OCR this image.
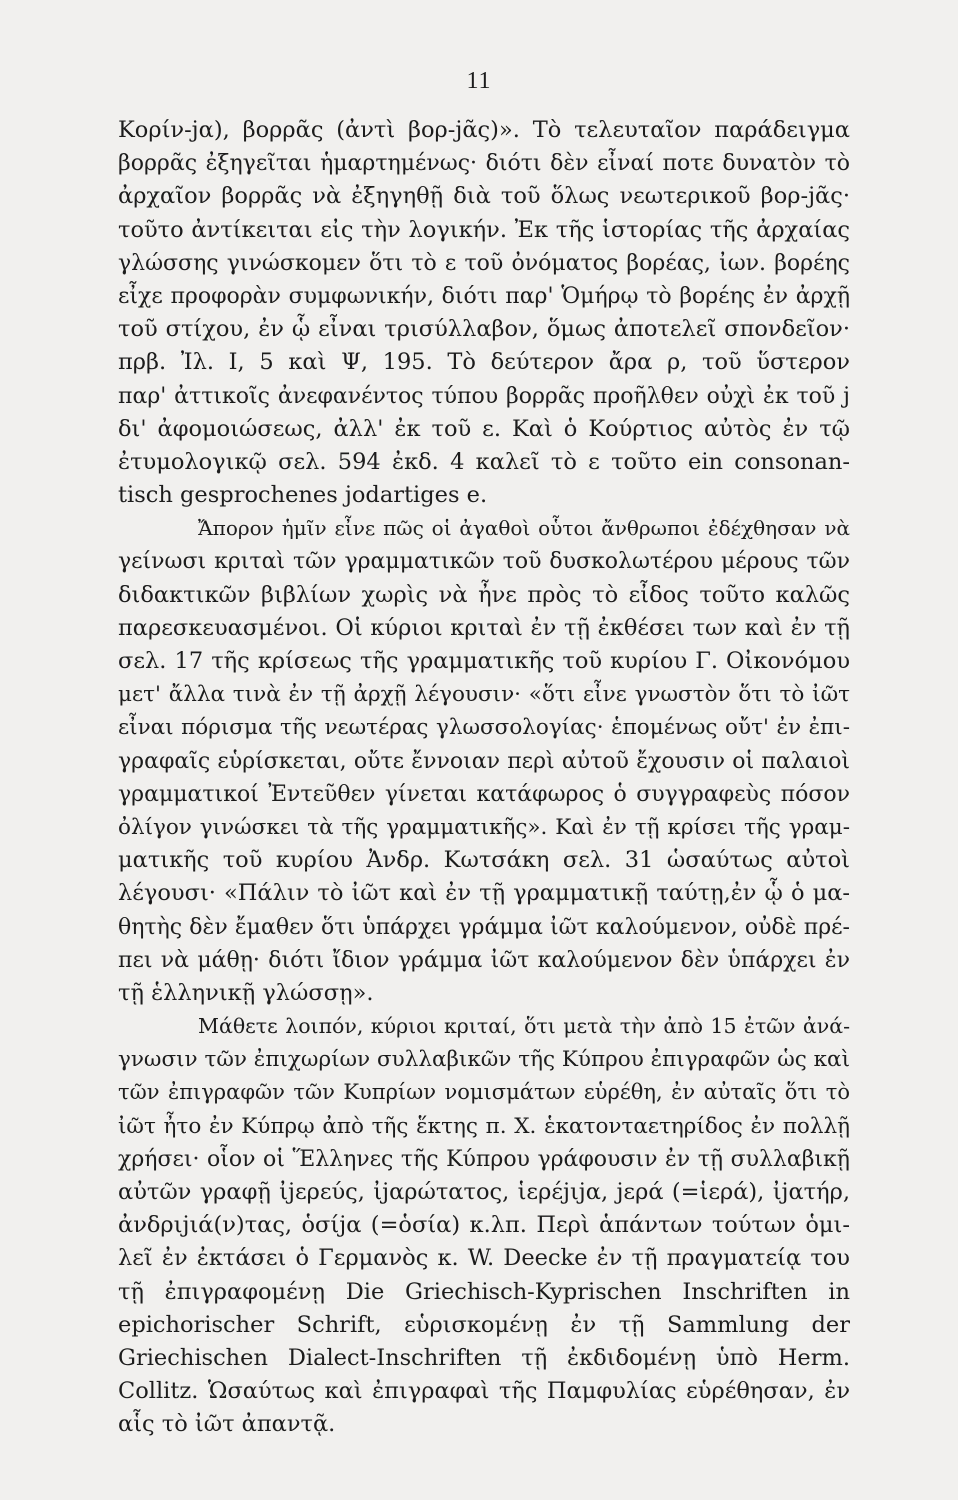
11
Κορίν-jα), βορρᾶς (ἀντὶ βορ-jᾶς)». Τὸ τελευταῖον παράδειγμα
βορρᾶς ἐξηγεῖται ἡμαρτημένως· διότι δὲν εἶναί ποτε δυνατὸν τὸ
ἀρχαῖον βορρᾶς νὰ ἐξηγηθῇ διὰ τοῦ ὅλως νεωτερικοῦ βορ-jᾶς·
τοῦτο ἀντίκειται εἰς τὴν λογικήν. Ἐκ τῆς ἱστορίας τῆς ἀρχαίας
γλώσσης γινώσκομεν ὅτι τὸ ε τοῦ ὀνόματος βορέας, ἰων. βορέης
εἶχε προφορὰν συμφωνικήν, διότι παρ' Ὁμήρῳ τὸ βορέης ἐν ἀρχῇ
τοῦ στίχου, ἐν ᾧ εἶναι τρισύλλαβον, ὅμως ἀποτελεῖ σπονδεῖον·
πρβ. Ἰλ. I, 5 καὶ Ψ, 195. Τὸ δεύτερον ἄρα ρ, τοῦ ὕστερον
παρ' ἀττικοῖς ἀνεφανέντος τύπου βορρᾶς προῆλθεν οὐχὶ ἐκ τοῦ j
δι' ἀφομοιώσεως, ἀλλ' ἐκ τοῦ ε. Καὶ ὁ Κούρτιος αὐτὸς ἐν τῷ
ἐτυμολογικῷ σελ. 594 ἐκδ. 4 καλεῖ τὸ ε τοῦτο ein consonan-
tisch gesprochenes jodartiges e.
Ἄπορον ἡμῖν εἶνε πῶς οἱ ἀγαθοὶ οὗτοι ἄνθρωποι ἐδέχθησαν νὰ
γείνωσι κριταὶ τῶν γραμματικῶν τοῦ δυσκολωτέρου μέρους τῶν
διδακτικῶν βιβλίων χωρὶς νὰ ἦνε πρὸς τὸ εἶδος τοῦτο καλῶς
παρεσκευασμένοι. Οἱ κύριοι κριταὶ ἐν τῇ ἐκθέσει των καὶ ἐν τῇ
σελ. 17 τῆς κρίσεως τῆς γραμματικῆς τοῦ κυρίου Γ. Οἰκονόμου
μετ' ἄλλα τινὰ ἐν τῇ ἀρχῇ λέγουσιν· «ὅτι εἶνε γνωστὸν ὅτι τὸ ἰῶτ
εἶναι πόρισμα τῆς νεωτέρας γλωσσολογίας· ἑπομένως οὔτ' ἐν ἐπι-
γραφαῖς εὑρίσκεται, οὔτε ἔννοιαν περὶ αὐτοῦ ἔχουσιν οἱ παλαιοὶ
γραμματικοί Ἐντεῦθεν γίνεται κατάφωρος ὁ συγγραφεὺς πόσον
ὀλίγον γινώσκει τὰ τῆς γραμματικῆς». Καὶ ἐν τῇ κρίσει τῆς γραμ-
ματικῆς τοῦ κυρίου Ἀνδρ. Κωτσάκη σελ. 31 ὡσαύτως αὐτοὶ
λέγουσι· «Πάλιν τὸ ἰῶτ καὶ ἐν τῇ γραμματικῇ ταύτῃ,ἐν ᾧ ὁ μα-
θητὴς δὲν ἔμαθεν ὅτι ὑπάρχει γράμμα ἰῶτ καλούμενον, οὐδὲ πρέ-
πει νὰ μάθῃ· διότι ἴδιον γράμμα ἰῶτ καλούμενον δὲν ὑπάρχει ἐν
τῇ ἑλληνικῇ γλώσσῃ».
Μάθετε λοιπόν, κύριοι κριταί, ὅτι μετὰ τὴν ἀπὸ 15 ἐτῶν ἀνά-
γνωσιν τῶν ἐπιχωρίων συλλαβικῶν τῆς Κύπρου ἐπιγραφῶν ὡς καὶ
τῶν ἐπιγραφῶν τῶν Κυπρίων νομισμάτων εὑρέθη, ἐν αὐταῖς ὅτι τὸ
ἰῶτ ἦτο ἐν Κύπρῳ ἀπὸ τῆς ἕκτης π. Χ. ἑκατονταετηρίδος ἐν πολλῇ
χρήσει· οἷον οἱ Ἕλληνες τῆς Κύπρου γράφουσιν ἐν τῇ συλλαβικῇ
αὐτῶν γραφῇ ἰjερεύς, ἰjαρώτατος, ἱερέjιjα, jερά (=ἱερά), ἰjατήρ,
ἀνδριjιά(ν)τας, ὁσίjα (=ὁσία) κ.λπ. Περὶ ἁπάντων τούτων ὁμι-
λεῖ ἐν ἐκτάσει ὁ Γερμανὸς κ. W. Deecke ἐν τῇ πραγματείᾳ του
τῇ ἐπιγραφομένῃ Die Griechisch-Kyprischen Inschriften in
epichorischer Schrift, εὑρισκομένῃ ἐν τῇ Sammlung der
Griechischen Dialect-Inschriften τῇ ἐκδιδομένῃ ὑπὸ Herm.
Collitz. Ὡσαύτως καὶ ἐπιγραφαὶ τῆς Παμφυλίας εὑρέθησαν, ἐν
αἷς τὸ ἰῶτ ἀπαντᾷ.
